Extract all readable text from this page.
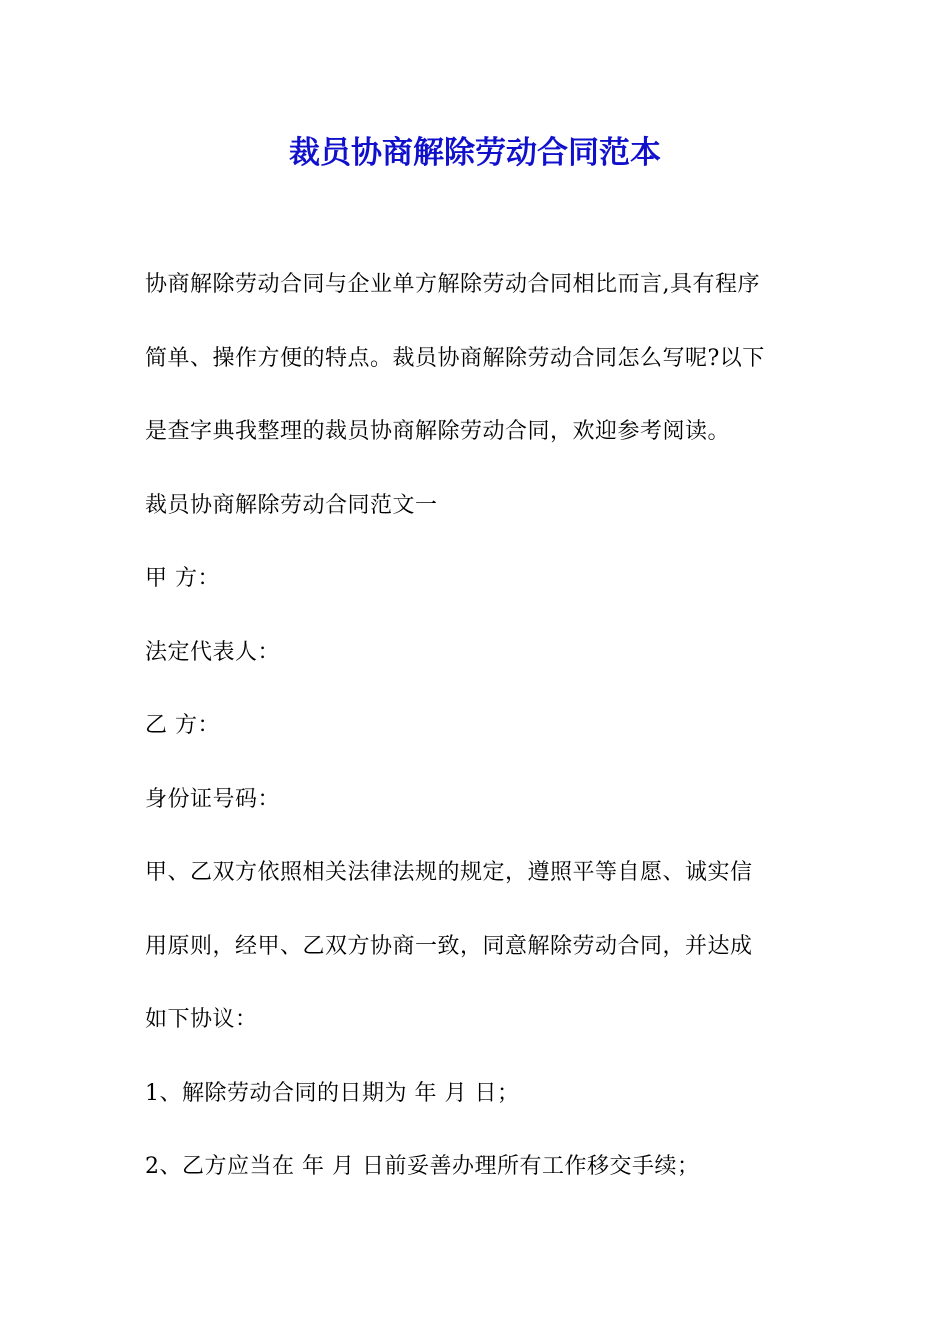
裁员协商解除劳动合同范本
协商解除劳动合同与企业单方解除劳动合同相比而言,具有程序
简单、操作方便的特点。裁员协商解除劳动合同怎么写呢?以下
是查字典我整理的裁员协商解除劳动合同，欢迎参考阅读。
裁员协商解除劳动合同范文一
甲 方：
法定代表人：
乙 方：
身份证号码：
甲、乙双方依照相关法律法规的规定，遵照平等自愿、诚实信
用原则，经甲、乙双方协商一致，同意解除劳动合同，并达成
如下协议：
1、解除劳动合同的日期为 年 月 日；
2、乙方应当在 年 月 日前妥善办理所有工作移交手续；
